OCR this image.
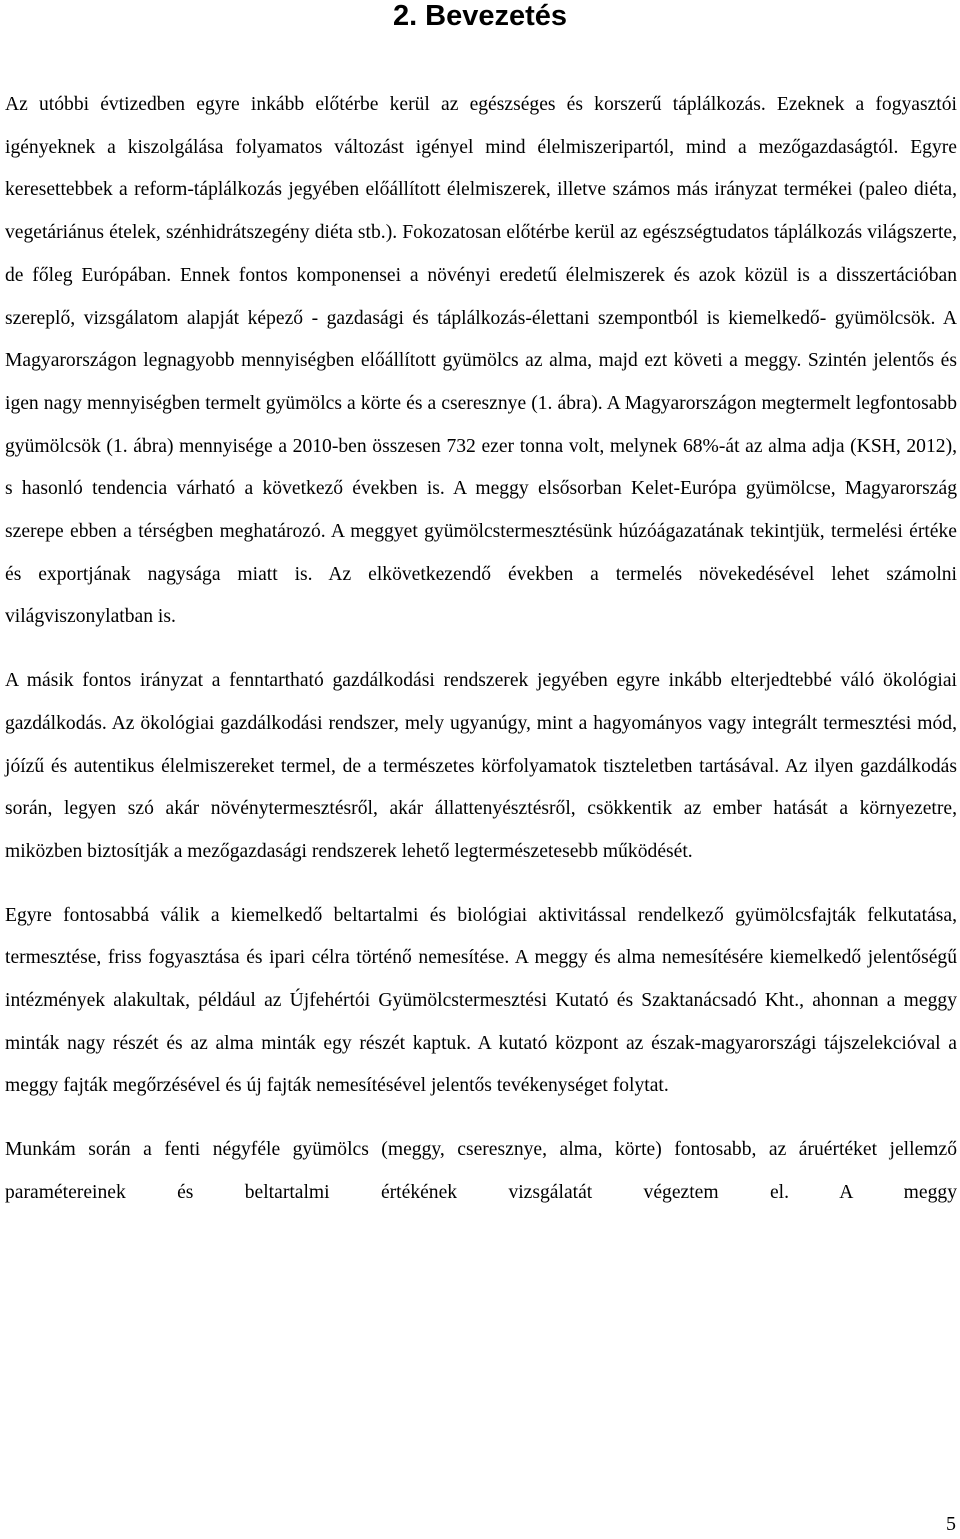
2. Bevezetés

Az utóbbi évtizedben egyre inkább előtérbe kerül az egészséges és korszerű táplálkozás. Ezeknek a fogyasztói igényeknek a kiszolgálása folyamatos változást igényel mind élelmiszeripartól, mind a mezőgazdaságtól. Egyre keresettebbek a reform-táplálkozás jegyében előállított élelmiszerek, illetve számos más irányzat termékei (paleo diéta, vegetáriánus ételek, szénhidrátszegény diéta stb.). Fokozatosan előtérbe kerül az egészségtudatos táplálkozás világszerte, de főleg Európában. Ennek fontos komponensei a növényi eredetű élelmiszerek és azok közül is a disszertációban szereplő, vizsgálatom alapját képező - gazdasági és táplálkozás-élettani szempontból is kiemelkedő- gyümölcsök. A Magyarországon legnagyobb mennyiségben előállított gyümölcs az alma, majd ezt követi a meggy. Szintén jelentős és igen nagy mennyiségben termelt gyümölcs a körte és a cseresznye (1. ábra). A Magyarországon megtermelt legfontosabb gyümölcsök (1. ábra) mennyisége a 2010-ben összesen 732 ezer tonna volt, melynek 68%-át az alma adja (KSH, 2012), s hasonló tendencia várható a következő években is. A meggy elsősorban Kelet-Európa gyümölcse, Magyarország szerepe ebben a térségben meghatározó. A meggyet gyümölcstermesztésünk húzóágazatának tekintjük, termelési értéke és exportjának nagysága miatt is. Az elkövetkezendő években a termelés növekedésével lehet számolni világviszonylatban is.

A másik fontos irányzat a fenntartható gazdálkodási rendszerek jegyében egyre inkább elterjedtebbé váló ökológiai gazdálkodás. Az ökológiai gazdálkodási rendszer, mely ugyanúgy, mint a hagyományos vagy integrált termesztési mód, jóízű és autentikus élelmiszereket termel, de a természetes körfolyamatok tiszteletben tartásával. Az ilyen gazdálkodás során, legyen szó akár növénytermesztésről, akár állattenyésztésről, csökkentik az ember hatását a környezetre, miközben biztosítják a mezőgazdasági rendszerek lehető legtermészetesebb működését.

Egyre fontosabbá válik a kiemelkedő beltartalmi és biológiai aktivitással rendelkező gyümölcsfajták felkutatása, termesztése, friss fogyasztása és ipari célra történő nemesítése. A meggy és alma nemesítésére kiemelkedő jelentőségű intézmények alakultak, például az Újfehértói Gyümölcstermesztési Kutató és Szaktanácsadó Kht., ahonnan a meggy minták nagy részét és az alma minták egy részét kaptuk. A kutató központ az észak-magyarországi tájszelekcióval a meggy fajták megőrzésével és új fajták nemesítésével jelentős tevékenységet folytat.

Munkám során a fenti négyféle gyümölcs (meggy, cseresznye, alma, körte) fontosabb, az áruértéket jellemző paramétereinek és beltartalmi értékének vizsgálatát végeztem el. A meggy

5
